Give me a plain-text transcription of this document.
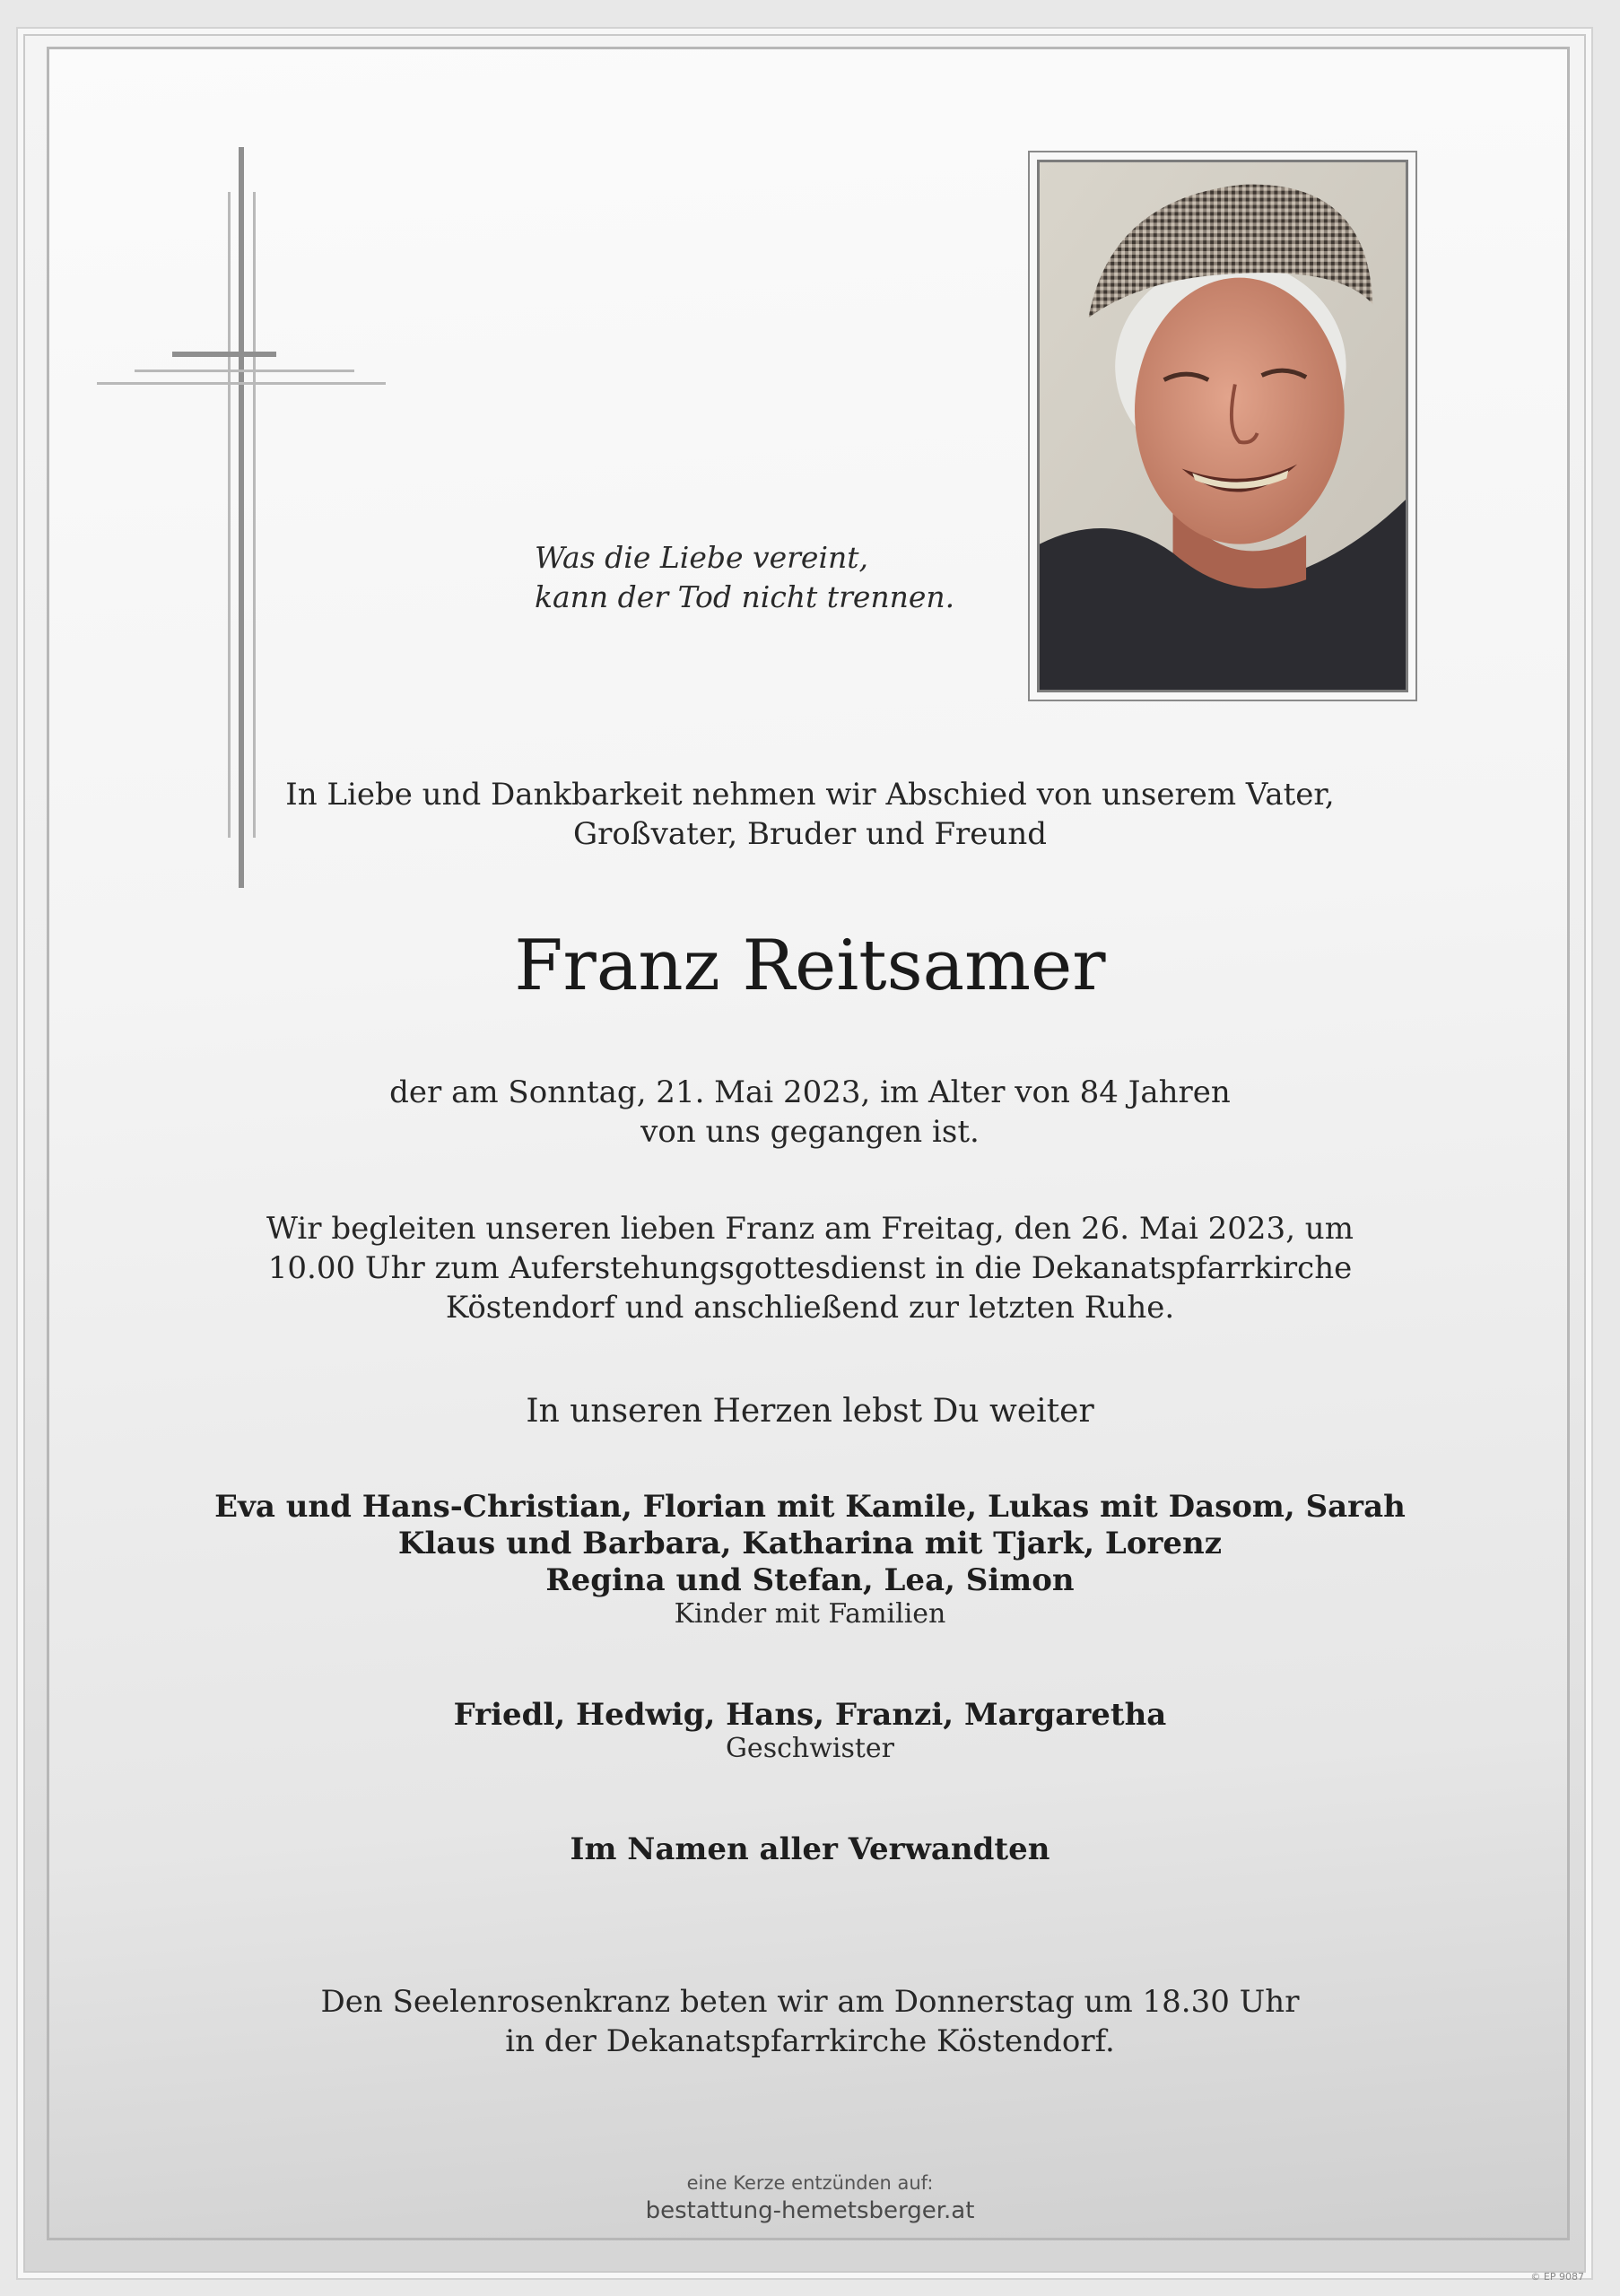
Was die Liebe vereint,
kann der Tod nicht trennen.
In Liebe und Dankbarkeit nehmen wir Abschied von unserem Vater,
Großvater, Bruder und Freund
Franz Reitsamer
der am Sonntag, 21. Mai 2023, im Alter von 84 Jahren
von uns gegangen ist.
Wir begleiten unseren lieben Franz am Freitag, den 26. Mai 2023, um
10.00 Uhr zum Auferstehungsgottesdienst in die Dekanatspfarrkirche
Köstendorf und anschließend zur letzten Ruhe.
In unseren Herzen lebst Du weiter
Eva und Hans-Christian, Florian mit Kamile, Lukas mit Dasom, Sarah
Klaus und Barbara, Katharina mit Tjark, Lorenz
Regina und Stefan, Lea, Simon
Kinder mit Familien
Friedl, Hedwig, Hans, Franzi, Margaretha
Geschwister
Im Namen aller Verwandten
Den Seelenrosenkranz beten wir am Donnerstag um 18.30 Uhr
in der Dekanatspfarrkirche Köstendorf.
eine Kerze entzünden auf:
bestattung-hemetsberger.at
© EP 9087
